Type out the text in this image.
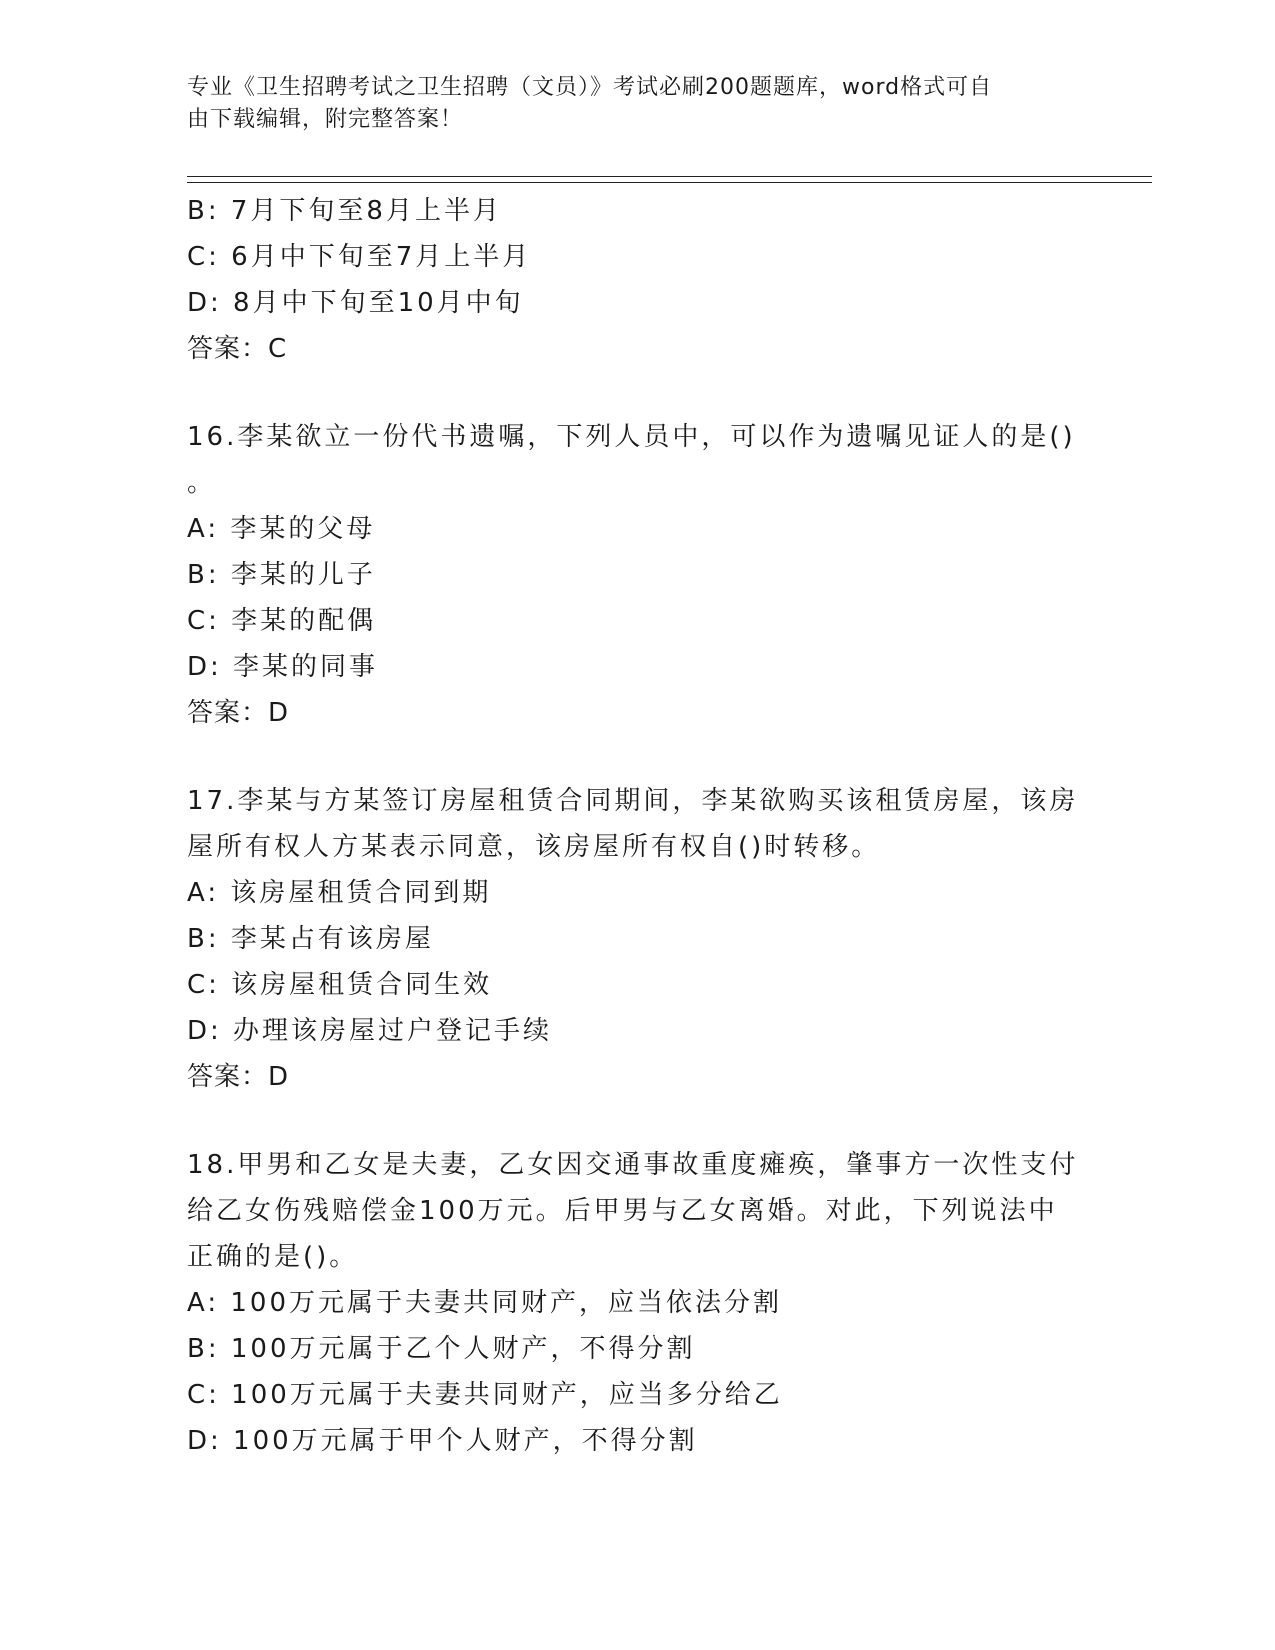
专业《卫生招聘考试之卫生招聘（文员）》考试必刷200题题库，word格式可自
由下载编辑，附完整答案！
B: 7月下旬至8月上半月
C: 6月中下旬至7月上半月
D: 8月中下旬至10月中旬
答案：C
16.李某欲立一份代书遗嘱，下列人员中，可以作为遗嘱见证人的是()
。
A: 李某的父母
B: 李某的儿子
C: 李某的配偶
D: 李某的同事
答案：D
17.李某与方某签订房屋租赁合同期间，李某欲购买该租赁房屋，该房
屋所有权人方某表示同意，该房屋所有权自()时转移。
A: 该房屋租赁合同到期
B: 李某占有该房屋
C: 该房屋租赁合同生效
D: 办理该房屋过户登记手续
答案：D
18.甲男和乙女是夫妻，乙女因交通事故重度瘫痪，肇事方一次性支付
给乙女伤残赔偿金100万元。后甲男与乙女离婚。对此，下列说法中
正确的是()。
A: 100万元属于夫妻共同财产，应当依法分割
B: 100万元属于乙个人财产，不得分割
C: 100万元属于夫妻共同财产，应当多分给乙
D: 100万元属于甲个人财产，不得分割
